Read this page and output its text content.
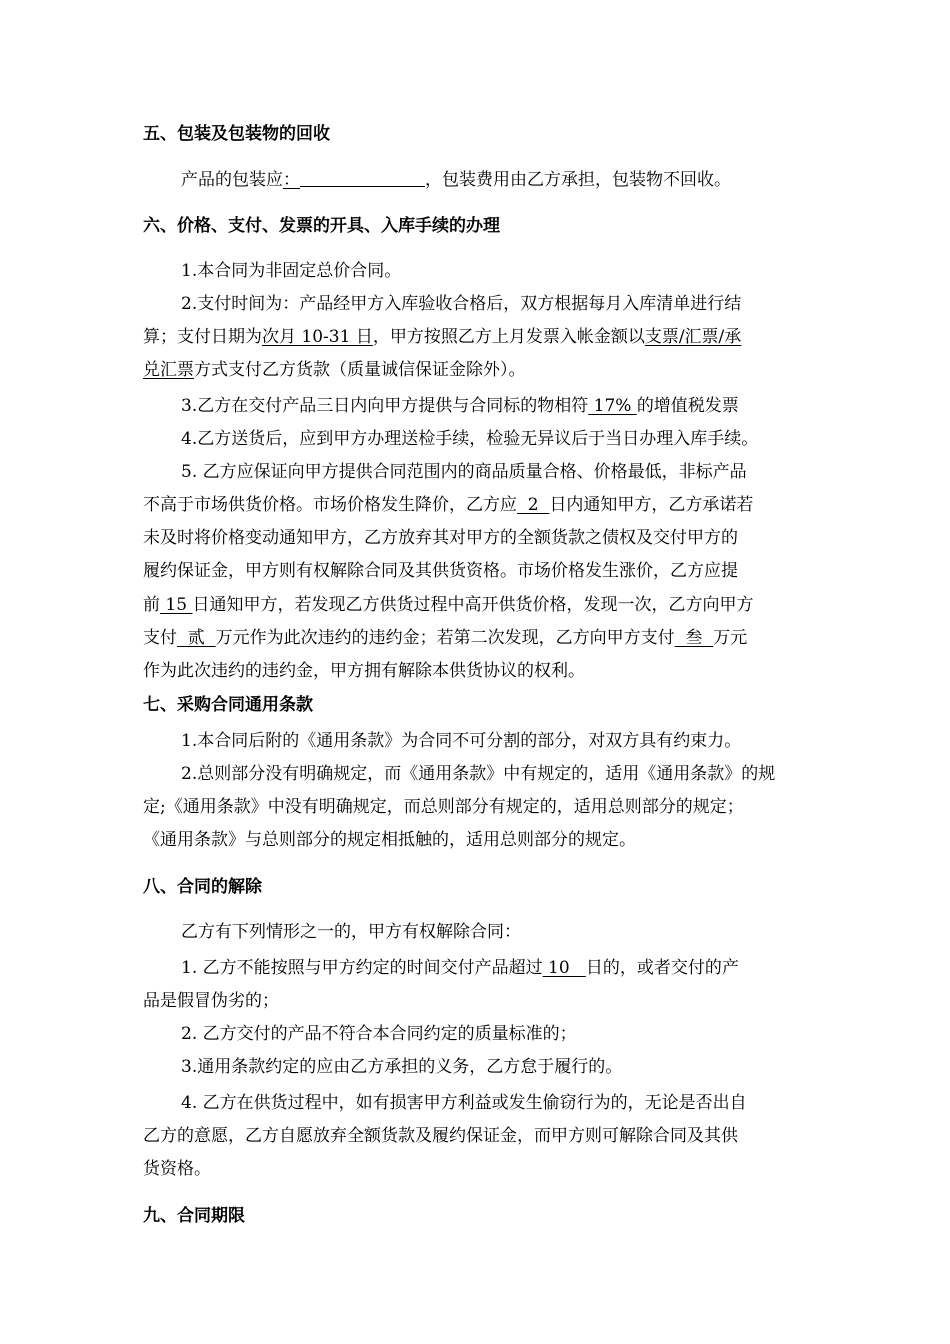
五、包装及包装物的回收
产品的包装应：	，包装费用由乙方承担，包装物不回收。
六、价格、支付、发票的开具、入库手续的办理
1.本合同为非固定总价合同。
2.支付时间为：产品经甲方入库验收合格后，双方根据每月入库清单进行结
算；支付日期为次月 10-31 日，甲方按照乙方上月发票入帐金额以支票/汇票/承
兑汇票方式支付乙方货款（质量诚信保证金除外）。
3.乙方在交付产品三日内向甲方提供与合同标的物相符 17% 的增值税发票
4.乙方送货后，应到甲方办理送检手续，检验无异议后于当日办理入库手续。
5. 乙方应保证向甲方提供合同范围内的商品质量合格、价格最低，非标产品
不高于市场供货价格。市场价格发生降价，乙方应  2  日内通知甲方，乙方承诺若
未及时将价格变动通知甲方，乙方放弃其对甲方的全额货款之债权及交付甲方的
履约保证金，甲方则有权解除合同及其供货资格。市场价格发生涨价，乙方应提
前 15 日通知甲方，若发现乙方供货过程中高开供货价格，发现一次，乙方向甲方
支付  贰  万元作为此次违约的违约金；若第二次发现，乙方向甲方支付  叁  万元
作为此次违约的违约金，甲方拥有解除本供货协议的权利。
七、采购合同通用条款
1.本合同后附的《通用条款》为合同不可分割的部分，对双方具有约束力。
2.总则部分没有明确规定，而《通用条款》中有规定的，适用《通用条款》的规
定;《通用条款》中没有明确规定，而总则部分有规定的，适用总则部分的规定；
《通用条款》与总则部分的规定相抵触的，适用总则部分的规定。
八、合同的解除
乙方有下列情形之一的，甲方有权解除合同：
1. 乙方不能按照与甲方约定的时间交付产品超过 10   日的，或者交付的产
品是假冒伪劣的；
2. 乙方交付的产品不符合本合同约定的质量标准的；
3.通用条款约定的应由乙方承担的义务，乙方怠于履行的。
4. 乙方在供货过程中，如有损害甲方利益或发生偷窃行为的，无论是否出自
乙方的意愿，乙方自愿放弃全额货款及履约保证金，而甲方则可解除合同及其供
货资格。
九、合同期限
